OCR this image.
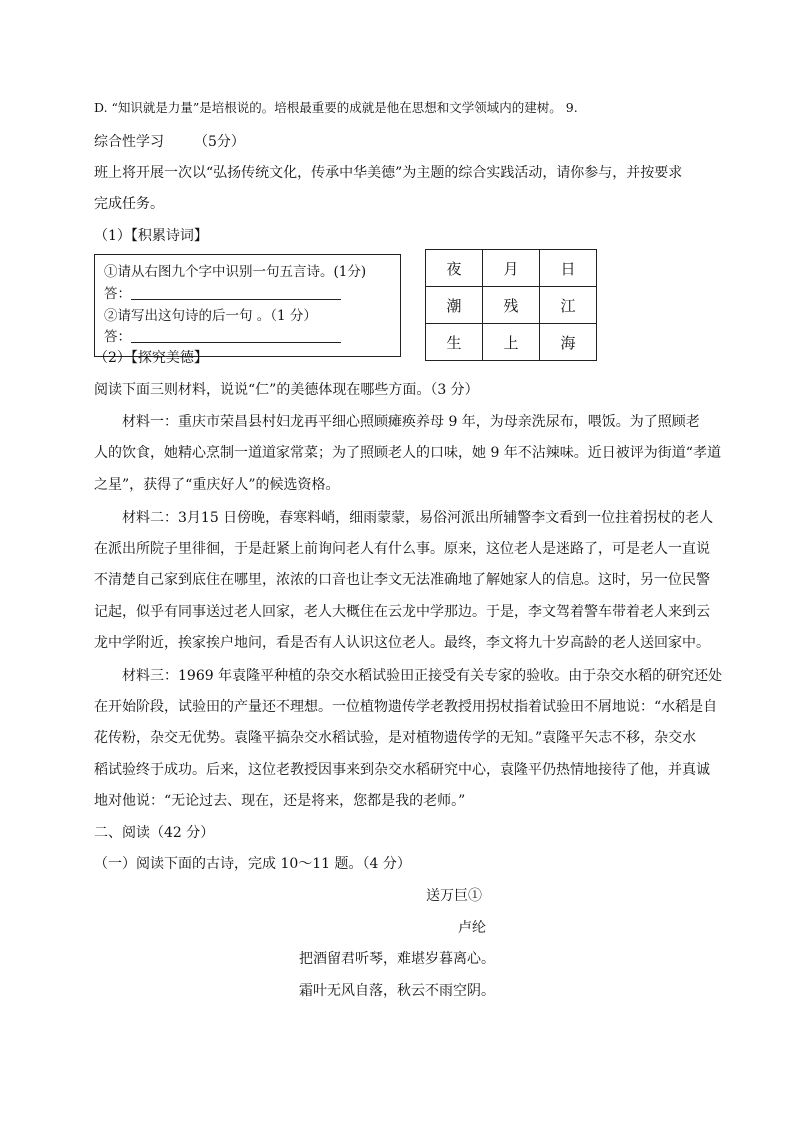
D. “知识就是力量”是培根说的。培根最重要的成就是他在思想和文学领域内的建树。 9.
综合性学习 （5分）
班上将开展一次以“弘扬传统文化，传承中华美德”为主题的综合实践活动，请你参与，并按要求
完成任务。
（1）【积累诗词】
①请从右图九个字中识别一句五言诗。(1分)
答：
②请写出这句诗的后一句 。（1 分）
答：
夜	月	日
潮	残	江
生	上	海
（2）【探究美德】
阅读下面三则材料，说说“仁”的美德体现在哪些方面。（3 分）
材料一：重庆市荣昌县村妇龙再平细心照顾瘫痪养母 9 年，为母亲洗尿布，喂饭。为了照顾老
人的饮食，她精心烹制一道道家常菜；为了照顾老人的口味，她 9 年不沾辣味。近日被评为街道“孝道
之星”，获得了“重庆好人”的候选资格。
材料二：3月15 日傍晚，春寒料峭，细雨蒙蒙，易俗河派出所辅警李文看到一位拄着拐杖的老人
在派出所院子里徘徊，于是赶紧上前询问老人有什么事。原来，这位老人是迷路了，可是老人一直说
不清楚自己家到底住在哪里，浓浓的口音也让李文无法准确地了解她家人的信息。这时，另一位民警
记起，似乎有同事送过老人回家，老人大概住在云龙中学那边。于是，李文驾着警车带着老人来到云
龙中学附近，挨家挨户地问，看是否有人认识这位老人。最终，李文将九十岁高龄的老人送回家中。
材料三：1969 年袁隆平种植的杂交水稻试验田正接受有关专家的验收。由于杂交水稻的研究还处
在开始阶段，试验田的产量还不理想。一位植物遗传学老教授用拐杖指着试验田不屑地说：“水稻是自
花传粉，杂交无优势。袁隆平搞杂交水稻试验，是对植物遗传学的无知。”袁隆平矢志不移，杂交水
稻试验终于成功。后来，这位老教授因事来到杂交水稻研究中心，袁隆平仍热情地接待了他，并真诚
地对他说：“无论过去、现在，还是将来，您都是我的老师。”
二、阅读（42 分）
（一）阅读下面的古诗，完成 10～11 题。（4 分）
送万巨①
卢纶
把酒留君听琴，难堪岁暮离心。
霜叶无风自落，秋云不雨空阴。
